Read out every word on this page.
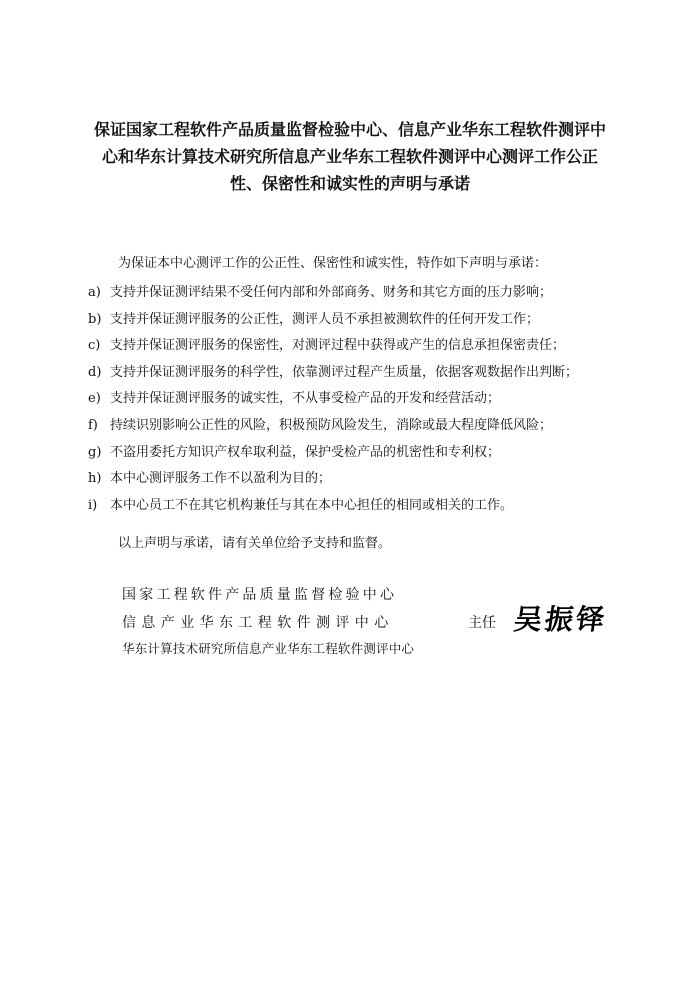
保证国家工程软件产品质量监督检验中心、信息产业华东工程软件测评中
心和华东计算技术研究所信息产业华东工程软件测评中心测评工作公正
性、保密性和诚实性的声明与承诺
为保证本中心测评工作的公正性、保密性和诚实性，特作如下声明与承诺：
a) 支持并保证测评结果不受任何内部和外部商务、财务和其它方面的压力影响；
b) 支持并保证测评服务的公正性，测评人员不承担被测软件的任何开发工作；
c) 支持并保证测评服务的保密性，对测评过程中获得或产生的信息承担保密责任；
d) 支持并保证测评服务的科学性，依靠测评过程产生质量，依据客观数据作出判断；
e) 支持并保证测评服务的诚实性，不从事受检产品的开发和经营活动；
f) 持续识别影响公正性的风险，积极预防风险发生，消除或最大程度降低风险；
g) 不盗用委托方知识产权牟取利益，保护受检产品的机密性和专利权；
h) 本中心测评服务工作不以盈利为目的；
i) 本中心员工不在其它机构兼任与其在本中心担任的相同或相关的工作。
以上声明与承诺，请有关单位给予支持和监督。
国家工程软件产品质量监督检验中心
信息产业华东工程软件测评中心	主任 吴振铎
华东计算技术研究所信息产业华东工程软件测评中心
